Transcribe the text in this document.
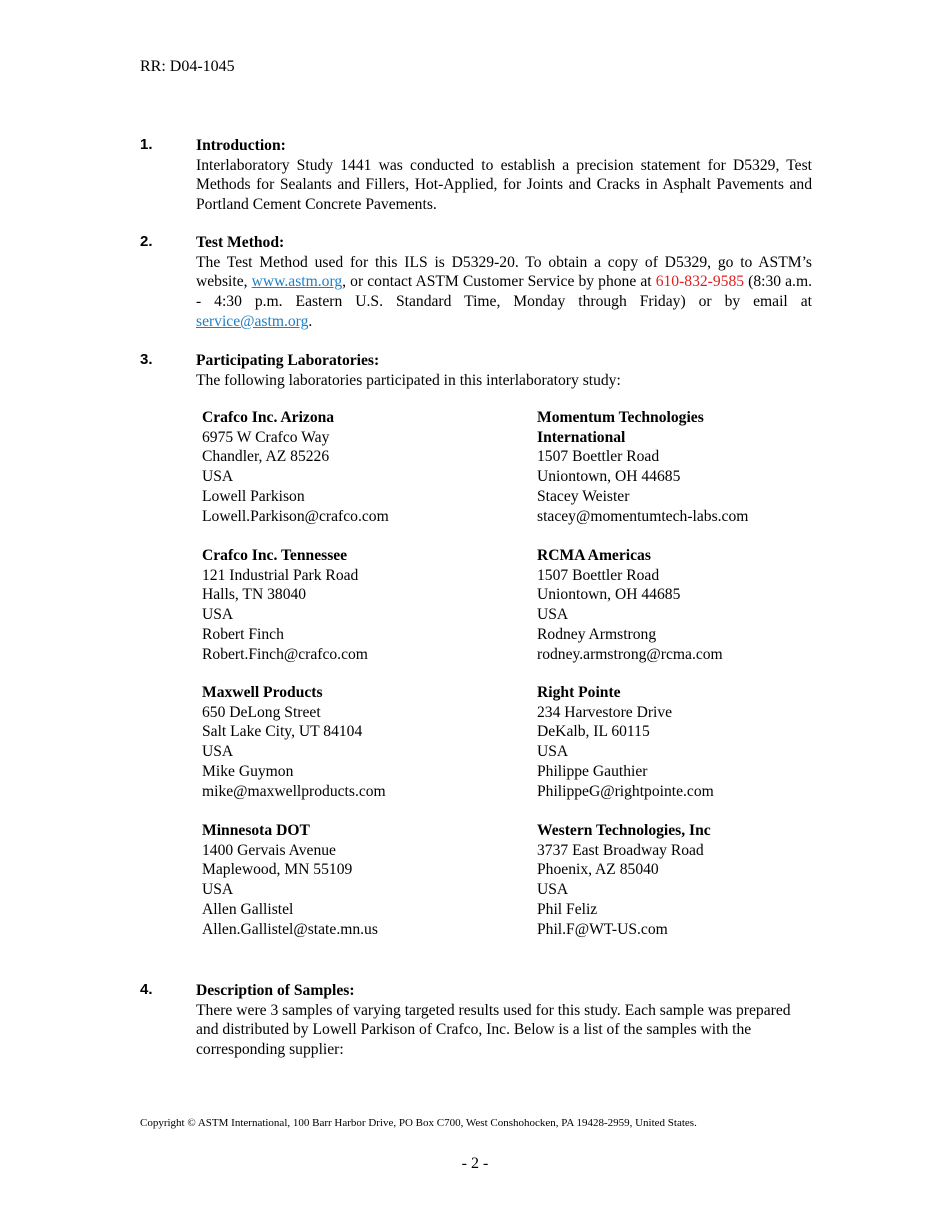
RR: D04-1045
1.	Introduction:
Interlaboratory Study 1441 was conducted to establish a precision statement for D5329, Test Methods for Sealants and Fillers, Hot-Applied, for Joints and Cracks in Asphalt Pavements and Portland Cement Concrete Pavements.
2.	Test Method:
The Test Method used for this ILS is D5329-20. To obtain a copy of D5329, go to ASTM’s website, www.astm.org, or contact ASTM Customer Service by phone at 610-832-9585 (8:30 a.m. - 4:30 p.m. Eastern U.S. Standard Time, Monday through Friday) or by email at service@astm.org.
3.	Participating Laboratories:
The following laboratories participated in this interlaboratory study:
Crafco Inc. Arizona
6975 W Crafco Way
Chandler, AZ 85226
USA
Lowell Parkison
Lowell.Parkison@crafco.com
Momentum Technologies International
1507 Boettler Road
Uniontown, OH 44685
Stacey Weister
stacey@momentumtech-labs.com
Crafco Inc. Tennessee
121 Industrial Park Road
Halls, TN 38040
USA
Robert Finch
Robert.Finch@crafco.com
RCMA Americas
1507 Boettler Road
Uniontown, OH 44685
USA
Rodney Armstrong
rodney.armstrong@rcma.com
Maxwell Products
650 DeLong Street
Salt Lake City, UT 84104
USA
Mike Guymon
mike@maxwellproducts.com
Right Pointe
234 Harvestore Drive
DeKalb, IL 60115
USA
Philippe Gauthier
PhilippeG@rightpointe.com
Minnesota DOT
1400 Gervais Avenue
Maplewood, MN 55109
USA
Allen Gallistel
Allen.Gallistel@state.mn.us
Western Technologies, Inc
3737 East Broadway Road
Phoenix, AZ 85040
USA
Phil Feliz
Phil.F@WT-US.com
4.	Description of Samples:
There were 3 samples of varying targeted results used for this study. Each sample was prepared and distributed by Lowell Parkison of Crafco, Inc. Below is a list of the samples with the corresponding supplier:
Copyright © ASTM International, 100 Barr Harbor Drive, PO Box C700, West Conshohocken, PA 19428-2959, United States.
- 2 -
